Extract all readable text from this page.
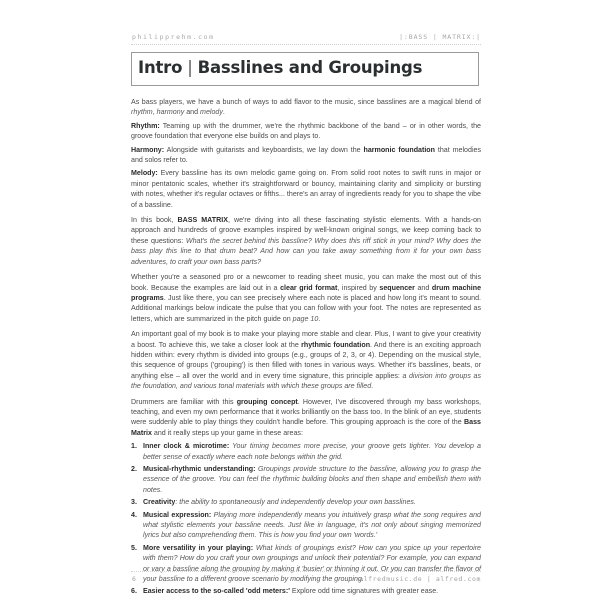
philipprehm.com	|:BASS | MATRIX:|
Intro | Basslines and Groupings

As bass players, we have a bunch of ways to add flavor to the music, since basslines are a magical blend of rhythm, harmony and melody.

Rhythm: Teaming up with the drummer, we're the rhythmic backbone of the band – or in other words, the groove foundation that everyone else builds on and plays to.

Harmony: Alongside with guitarists and keyboardists, we lay down the harmonic foundation that melodies and solos refer to.

Melody: Every bassline has its own melodic game going on. From solid root notes to swift runs in major or minor pentatonic scales, whether it's straightforward or bouncy, maintaining clarity and simplicity or bursting with notes, whether it's regular octaves or fifths... there's an array of ingredients ready for you to shape the vibe of a bassline.

In this book, BASS MATRIX, we're diving into all these fascinating stylistic elements. With a hands-on approach and hundreds of groove examples inspired by well-known original songs, we keep coming back to these questions: What's the secret behind this bassline? Why does this riff stick in your mind? Why does the bass play this line to that drum beat? And how can you take away something from it for your own bass adventures, to craft your own bass parts?

Whether you're a seasoned pro or a newcomer to reading sheet music, you can make the most out of this book. Because the examples are laid out in a clear grid format, inspired by sequencer and drum machine programs. Just like there, you can see precisely where each note is placed and how long it's meant to sound. Additional markings below indicate the pulse that you can follow with your foot. The notes are represented as letters, which are summarized in the pitch guide on page 10.

An important goal of my book is to make your playing more stable and clear. Plus, I want to give your creativity a boost. To achieve this, we take a closer look at the rhythmic foundation. And there is an exciting approach hidden within: every rhythm is divided into groups (e.g., groups of 2, 3, or 4). Depending on the musical style, this sequence of groups ('grouping') is then filled with tones in various ways. Whether it's basslines, beats, or anything else – all over the world and in every time signature, this principle applies: a division into groups as the foundation, and various tonal materials with which these groups are filled.

Drummers are familiar with this grouping concept. However, I've discovered through my bass workshops, teaching, and even my own performance that it works brilliantly on the bass too. In the blink of an eye, students were suddenly able to play things they couldn't handle before. This grouping approach is the core of the Bass Matrix and it really steps up your game in these areas:

1. Inner clock & microtime: Your timing becomes more precise, your groove gets tighter. You develop a better sense of exactly where each note belongs within the grid.
2. Musical-rhythmic understanding: Groupings provide structure to the bassline, allowing you to grasp the essence of the groove. You can feel the rhythmic building blocks and then shape and embellish them with notes.
3. Creativity: the ability to spontaneously and independently develop your own basslines.
4. Musical expression: Playing more independently means you intuitively grasp what the song requires and what stylistic elements your bassline needs. Just like in language, it's not only about singing memorized lyrics but also comprehending them. This is how you find your own 'words.'
5. More versatility in your playing: What kinds of groupings exist? How can you spice up your repertoire with them? How do you craft your own groupings and unlock their potential? For example, you can expand or vary a bassline along the grouping by making it 'busier' or thinning it out. Or you can transfer the flavor of your bassline to a different groove scenario by modifying the grouping.
6. Easier access to the so-called 'odd meters:' Explore odd time signatures with greater ease.
6	alfredmusic.de | alfred.com
